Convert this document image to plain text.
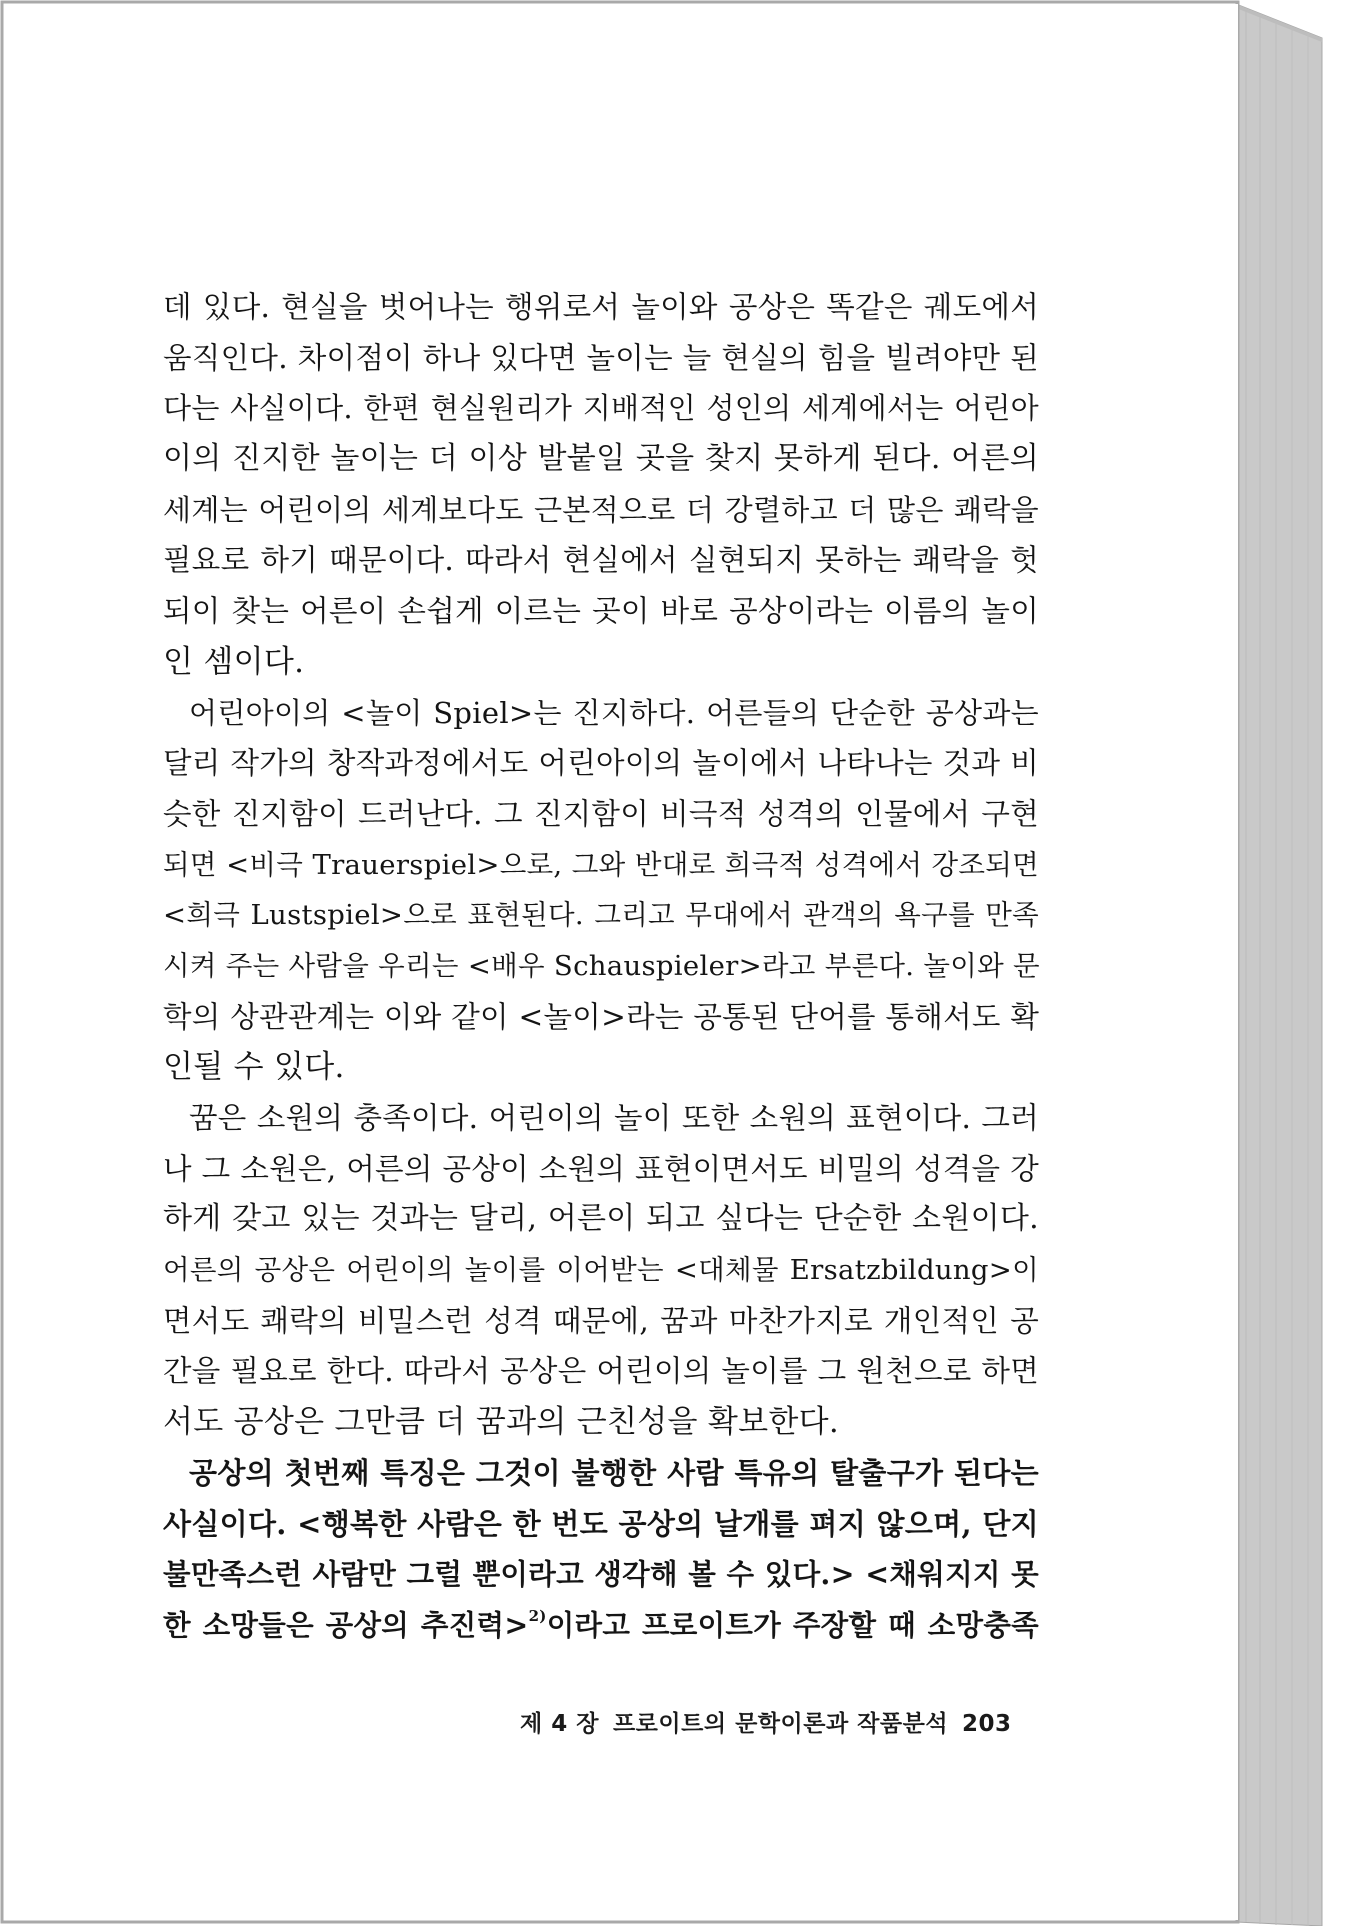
데 있다. 현실을 벗어나는 행위로서 놀이와 공상은 똑같은 궤도에서
움직인다. 차이점이 하나 있다면 놀이는 늘 현실의 힘을 빌려야만 된
다는 사실이다. 한편 현실원리가 지배적인 성인의 세계에서는 어린아
이의 진지한 놀이는 더 이상 발붙일 곳을 찾지 못하게 된다. 어른의
세계는 어린이의 세계보다도 근본적으로 더 강렬하고 더 많은 쾌락을
필요로 하기 때문이다. 따라서 현실에서 실현되지 못하는 쾌락을 헛
되이 찾는 어른이 손쉽게 이르는 곳이 바로 공상이라는 이름의 놀이
인 셈이다.
어린아이의 <놀이 Spiel>는 진지하다. 어른들의 단순한 공상과는
달리 작가의 창작과정에서도 어린아이의 놀이에서 나타나는 것과 비
슷한 진지함이 드러난다. 그 진지함이 비극적 성격의 인물에서 구현
되면 <비극 Trauerspiel>으로, 그와 반대로 희극적 성격에서 강조되면
<희극 Lustspiel>으로 표현된다. 그리고 무대에서 관객의 욕구를 만족
시켜 주는 사람을 우리는 <배우 Schauspieler>라고 부른다. 놀이와 문
학의 상관관계는 이와 같이 <놀이>라는 공통된 단어를 통해서도 확
인될 수 있다.
꿈은 소원의 충족이다. 어린이의 놀이 또한 소원의 표현이다. 그러
나 그 소원은, 어른의 공상이 소원의 표현이면서도 비밀의 성격을 강
하게 갖고 있는 것과는 달리, 어른이 되고 싶다는 단순한 소원이다.
어른의 공상은 어린이의 놀이를 이어받는 <대체물 Ersatzbildung>이
면서도 쾌락의 비밀스런 성격 때문에, 꿈과 마찬가지로 개인적인 공
간을 필요로 한다. 따라서 공상은 어린이의 놀이를 그 원천으로 하면
서도 공상은 그만큼 더 꿈과의 근친성을 확보한다.
공상의 첫번째 특징은 그것이 불행한 사람 특유의 탈출구가 된다는
사실이다. <행복한 사람은 한 번도 공상의 날개를 펴지 않으며, 단지
불만족스런 사람만 그럴 뿐이라고 생각해 볼 수 있다.> <채워지지 못
한 소망들은 공상의 추진력>$^{2)}$이라고 프로이트가 주장할 때 소망충족
제 4 장 프로이트의 문학이론과 작품분석 203
